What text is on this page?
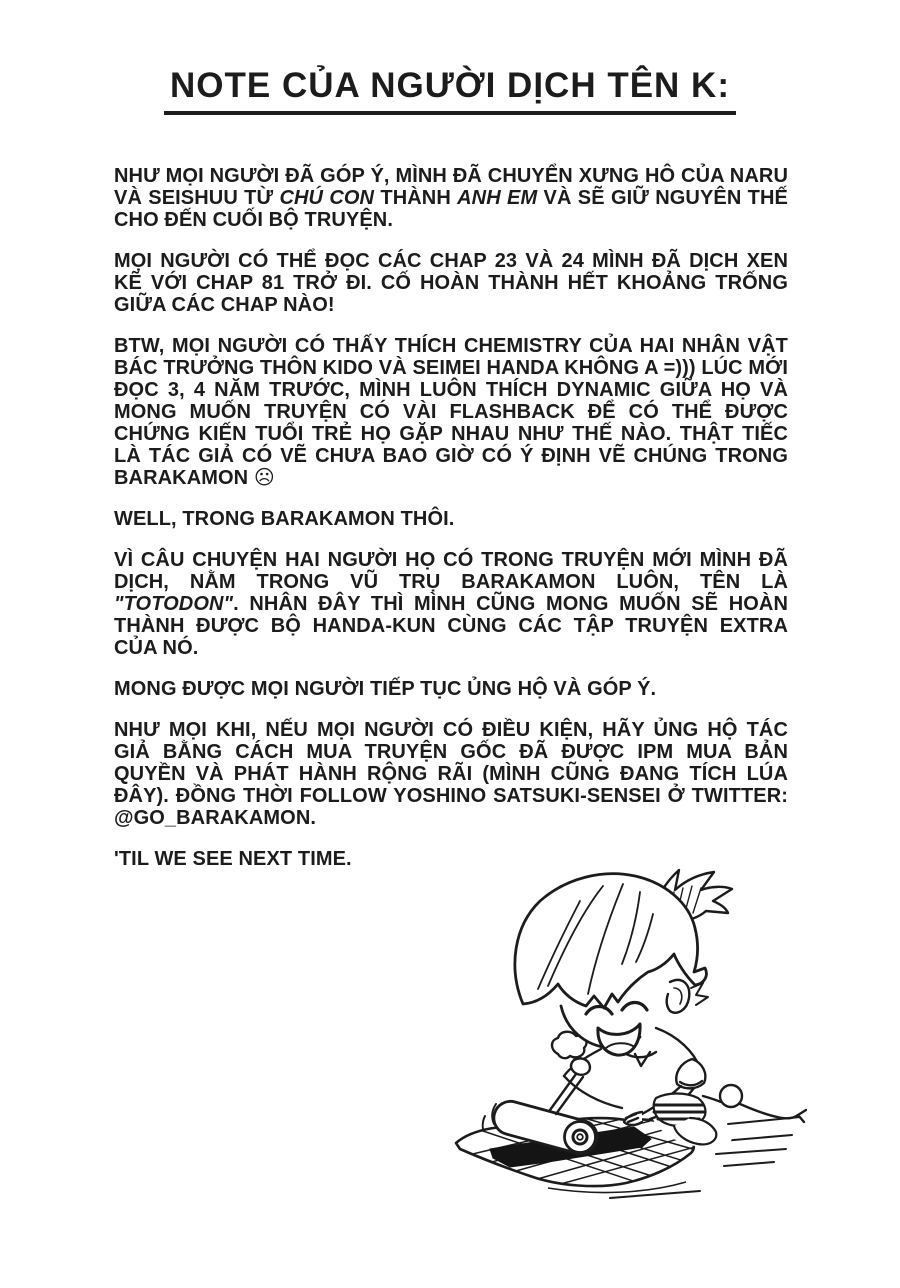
NOTE CỦA NGƯỜI DỊCH TÊN K:

NHƯ MỌI NGƯỜI ĐÃ GÓP Ý, MÌNH ĐÃ CHUYỂN XƯNG HÔ CỦA NARU VÀ SEISHUU TỪ CHÚ CON THÀNH ANH EM VÀ SẼ GIỮ NGUYÊN THẾ CHO ĐẾN CUỐI BỘ TRUYỆN.

MỌI NGƯỜI CÓ THỂ ĐỌC CÁC CHAP 23 VÀ 24 MÌNH ĐÃ DỊCH XEN KẼ VỚI CHAP 81 TRỞ ĐI. CỐ HOÀN THÀNH HẾT KHOẢNG TRỐNG GIỮA CÁC CHAP NÀO!

BTW, MỌI NGƯỜI CÓ THẤY THÍCH CHEMISTRY CỦA HAI NHÂN VẬT BÁC TRƯỞNG THÔN KIDO VÀ SEIMEI HANDA KHÔNG A =))) LÚC MỚI ĐỌC 3, 4 NĂM TRƯỚC, MÌNH LUÔN THÍCH DYNAMIC GIỮA HỌ VÀ MONG MUỐN TRUYỆN CÓ VÀI FLASHBACK ĐỂ CÓ THỂ ĐƯỢC CHỨNG KIẾN TUỔI TRẺ HỌ GẶP NHAU NHƯ THẾ NÀO. THẬT TIẾC LÀ TÁC GIẢ CÓ VẼ CHƯA BAO GIỜ CÓ Ý ĐỊNH VẼ CHÚNG TRONG BARAKAMON ☹

WELL, TRONG BARAKAMON THÔI.

VÌ CÂU CHUYỆN HAI NGƯỜI HỌ CÓ TRONG TRUYỆN MỚI MÌNH ĐÃ DỊCH, NẰM TRONG VŨ TRỤ BARAKAMON LUÔN, TÊN LÀ "TOTODON". NHÂN ĐÂY THÌ MÌNH CŨNG MONG MUỐN SẼ HOÀN THÀNH ĐƯỢC BỘ HANDA-KUN CÙNG CÁC TẬP TRUYỆN EXTRA CỦA NÓ.

MONG ĐƯỢC MỌI NGƯỜI TIẾP TỤC ỦNG HỘ VÀ GÓP Ý.

NHƯ MỌI KHI, NẾU MỌI NGƯỜI CÓ ĐIỀU KIỆN, HÃY ỦNG HỘ TÁC GIẢ BẰNG CÁCH MUA TRUYỆN GỐC ĐÃ ĐƯỢC IPM MUA BẢN QUYỀN VÀ PHÁT HÀNH RỘNG RÃI (MÌNH CŨNG ĐANG TÍCH LÚA ĐÂY). ĐỒNG THỜI FOLLOW YOSHINO SATSUKI-SENSEI Ở TWITTER: @GO_BARAKAMON.

'TIL WE SEE NEXT TIME.
